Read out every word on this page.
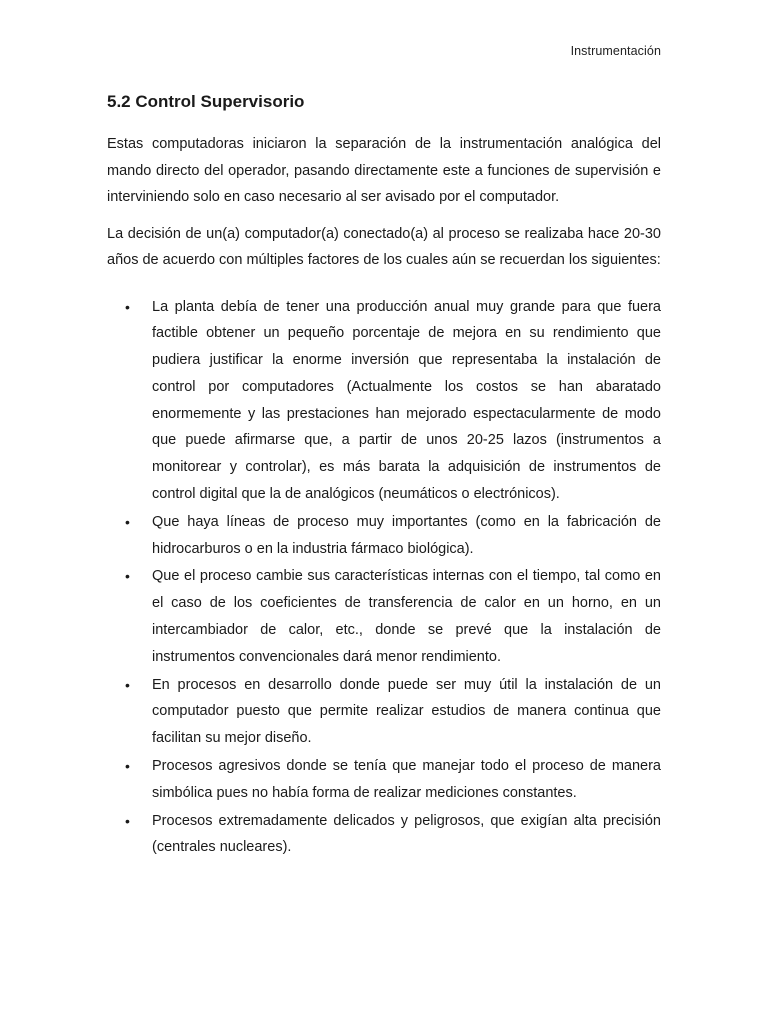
Instrumentación
5.2 Control Supervisorio

Estas computadoras iniciaron la separación de la instrumentación analógica del mando directo del operador, pasando directamente este a funciones de supervisión e interviniendo solo en caso necesario al ser avisado por el computador.

La decisión de un(a) computador(a) conectado(a) al proceso se realizaba hace 20-30 años de acuerdo con múltiples factores de los cuales aún se recuerdan los siguientes:

• La planta debía de tener una producción anual muy grande para que fuera factible obtener un pequeño porcentaje de mejora en su rendimiento que pudiera justificar la enorme inversión que representaba la instalación de control por computadores (Actualmente los costos se han abaratado enormemente y las prestaciones han mejorado espectacularmente de modo que puede afirmarse que, a partir de unos 20-25 lazos (instrumentos a monitorear y controlar), es más barata la adquisición de instrumentos de control digital que la de analógicos (neumáticos o electrónicos).
• Que haya líneas de proceso muy importantes (como en la fabricación de hidrocarburos o en la industria fármaco biológica).
• Que el proceso cambie sus características internas con el tiempo, tal como en el caso de los coeficientes de transferencia de calor en un horno, en un intercambiador de calor, etc., donde se prevé que la instalación de instrumentos convencionales dará menor rendimiento.
• En procesos en desarrollo donde puede ser muy útil la instalación de un computador puesto que permite realizar estudios de manera continua que facilitan su mejor diseño.
• Procesos agresivos donde se tenía que manejar todo el proceso de manera simbólica pues no había forma de realizar mediciones constantes.
• Procesos extremadamente delicados y peligrosos, que exigían alta precisión (centrales nucleares).
